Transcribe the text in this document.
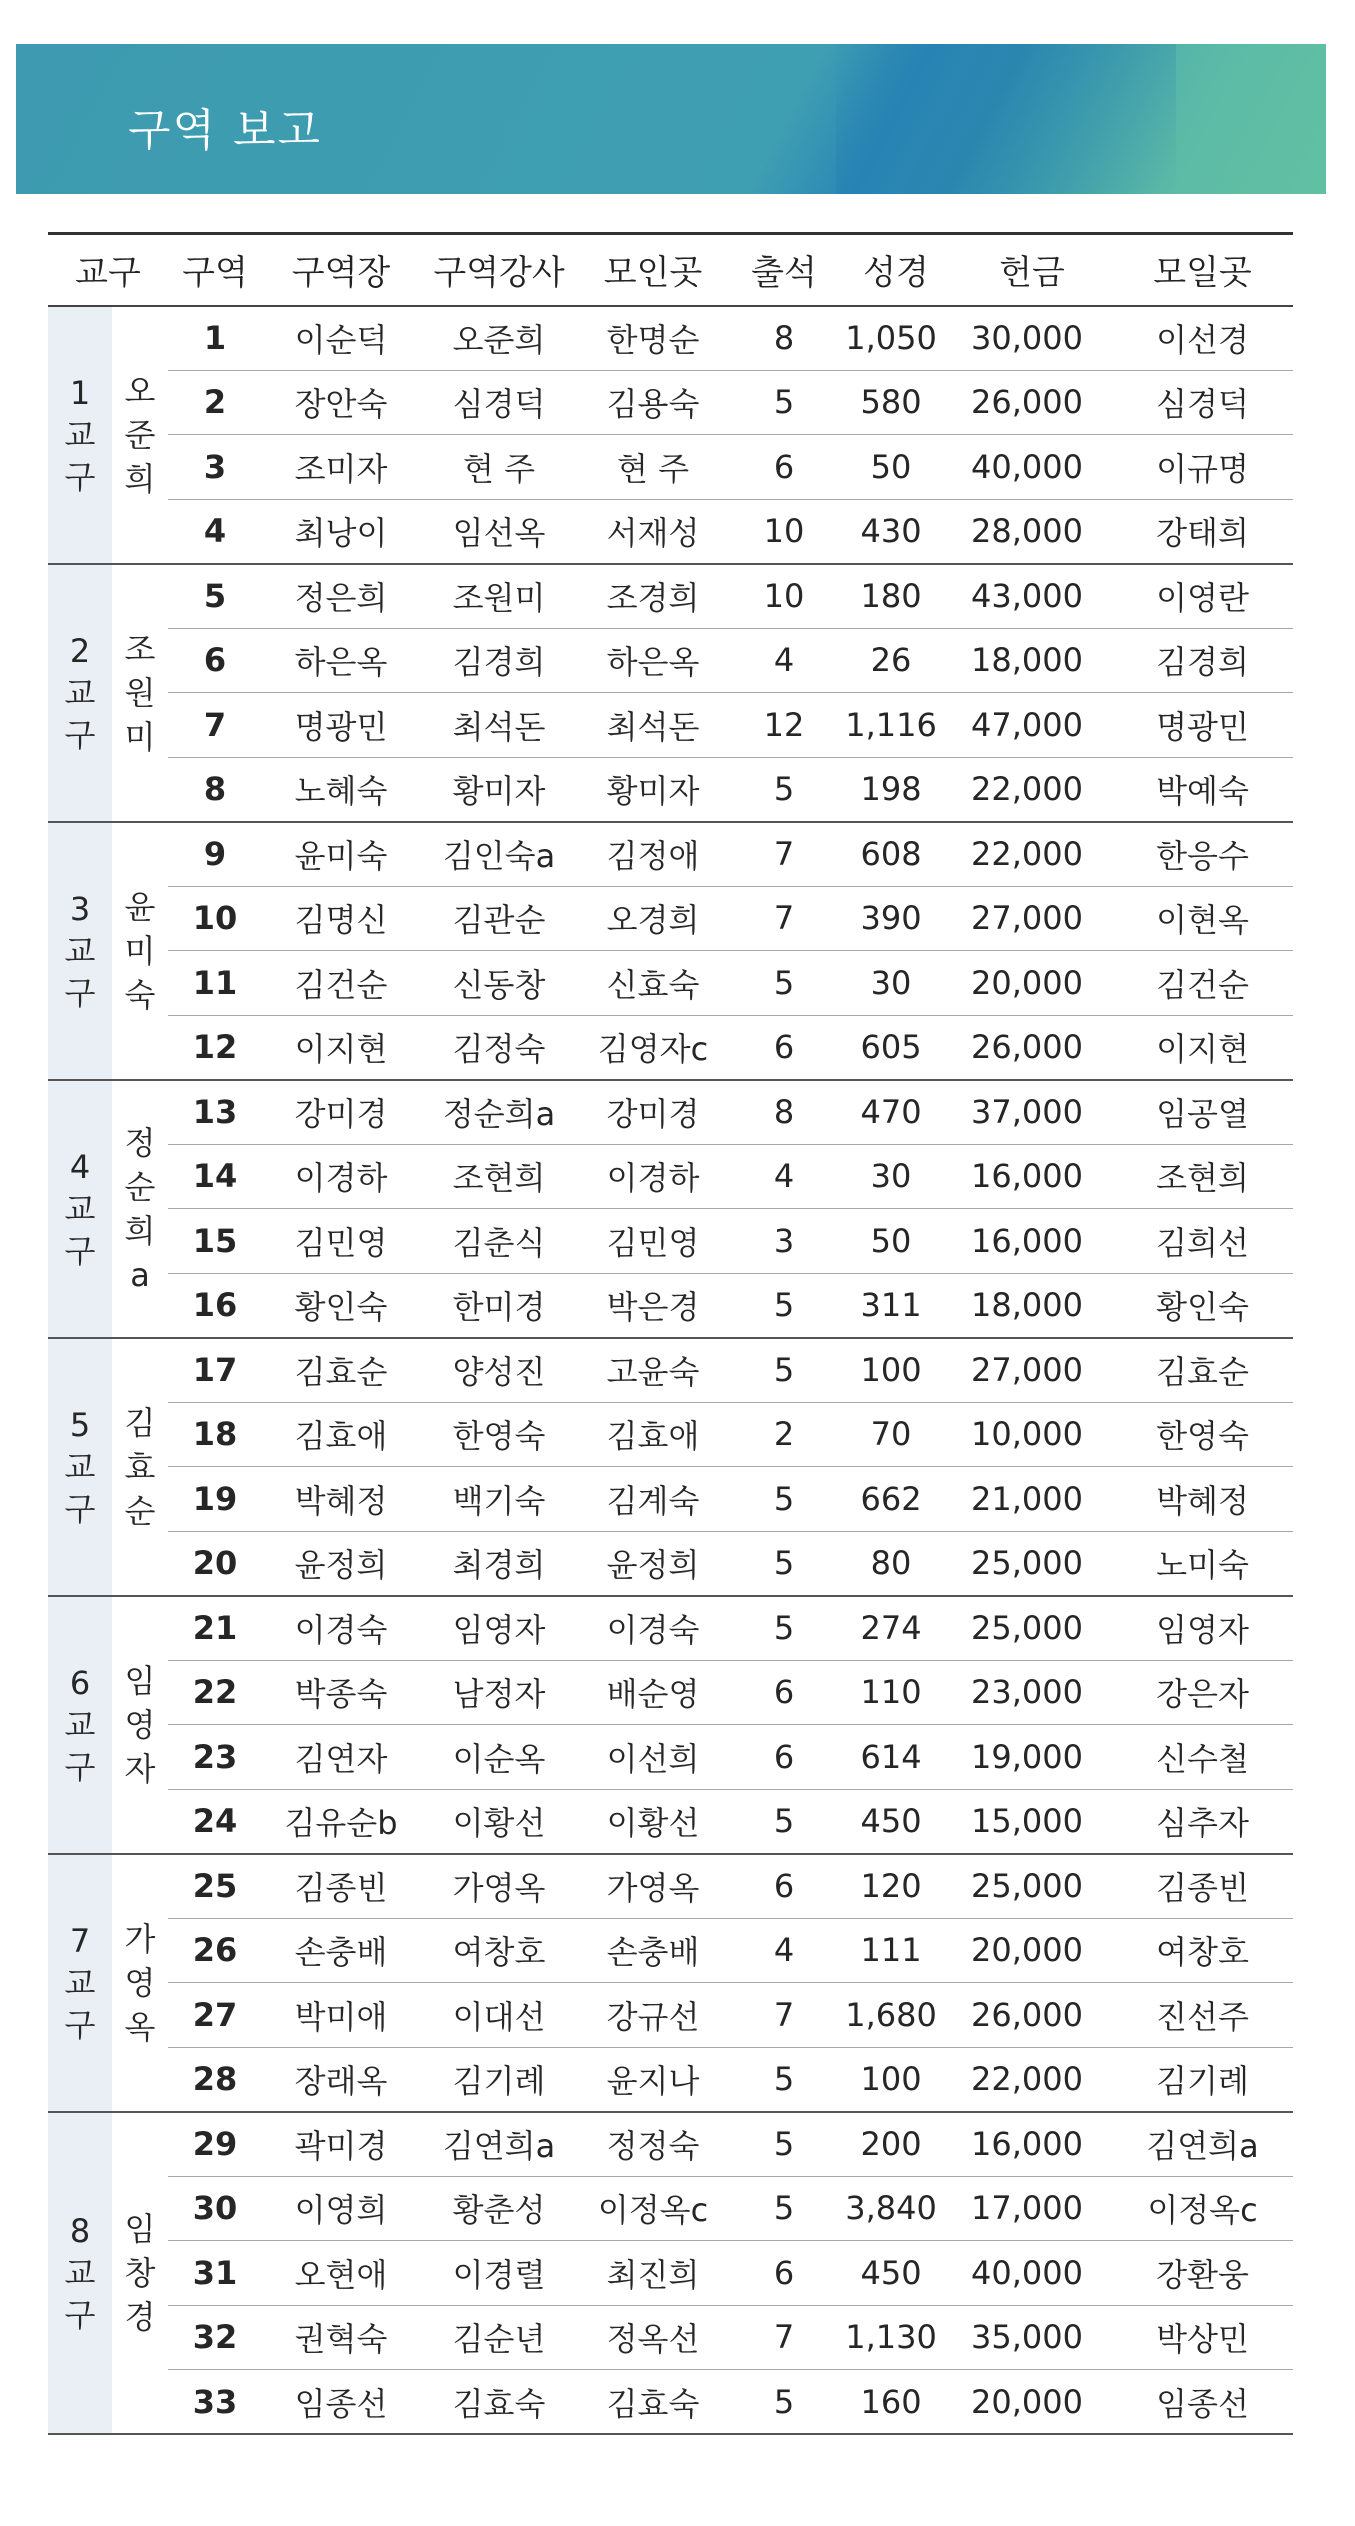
구역 보고
교구		구역	구역장	구역강사	모인곳	출석	성경	헌금	모일곳
1교구	오준희	1	이순덕	오준희	한명순	8	1,050	30,000	이선경
		2	장안숙	심경덕	김용숙	5	580	26,000	심경덕
		3	조미자	현 주	현 주	6	50	40,000	이규명
		4	최낭이	임선옥	서재성	10	430	28,000	강태희
2교구	조원미	5	정은희	조원미	조경희	10	180	43,000	이영란
		6	하은옥	김경희	하은옥	4	26	18,000	김경희
		7	명광민	최석돈	최석돈	12	1,116	47,000	명광민
		8	노혜숙	황미자	황미자	5	198	22,000	박예숙
3교구	윤미숙	9	윤미숙	김인숙a	김정애	7	608	22,000	한응수
		10	김명신	김관순	오경희	7	390	27,000	이현옥
		11	김건순	신동창	신효숙	5	30	20,000	김건순
		12	이지현	김정숙	김영자c	6	605	26,000	이지현
4교구	정순희a	13	강미경	정순희a	강미경	8	470	37,000	임공열
		14	이경하	조현희	이경하	4	30	16,000	조현희
		15	김민영	김춘식	김민영	3	50	16,000	김희선
		16	황인숙	한미경	박은경	5	311	18,000	황인숙
5교구	김효순	17	김효순	양성진	고윤숙	5	100	27,000	김효순
		18	김효애	한영숙	김효애	2	70	10,000	한영숙
		19	박혜정	백기숙	김계숙	5	662	21,000	박혜정
		20	윤정희	최경희	윤정희	5	80	25,000	노미숙
6교구	임영자	21	이경숙	임영자	이경숙	5	274	25,000	임영자
		22	박종숙	남정자	배순영	6	110	23,000	강은자
		23	김연자	이순옥	이선희	6	614	19,000	신수철
		24	김유순b	이황선	이황선	5	450	15,000	심추자
7교구	가영옥	25	김종빈	가영옥	가영옥	6	120	25,000	김종빈
		26	손충배	여창호	손충배	4	111	20,000	여창호
		27	박미애	이대선	강규선	7	1,680	26,000	진선주
		28	장래옥	김기례	윤지나	5	100	22,000	김기례
8교구	임창경	29	곽미경	김연희a	정정숙	5	200	16,000	김연희a
		30	이영희	황춘성	이정옥c	5	3,840	17,000	이정옥c
		31	오현애	이경렬	최진희	6	450	40,000	강환웅
		32	권혁숙	김순년	정옥선	7	1,130	35,000	박상민
		33	임종선	김효숙	김효숙	5	160	20,000	임종선
